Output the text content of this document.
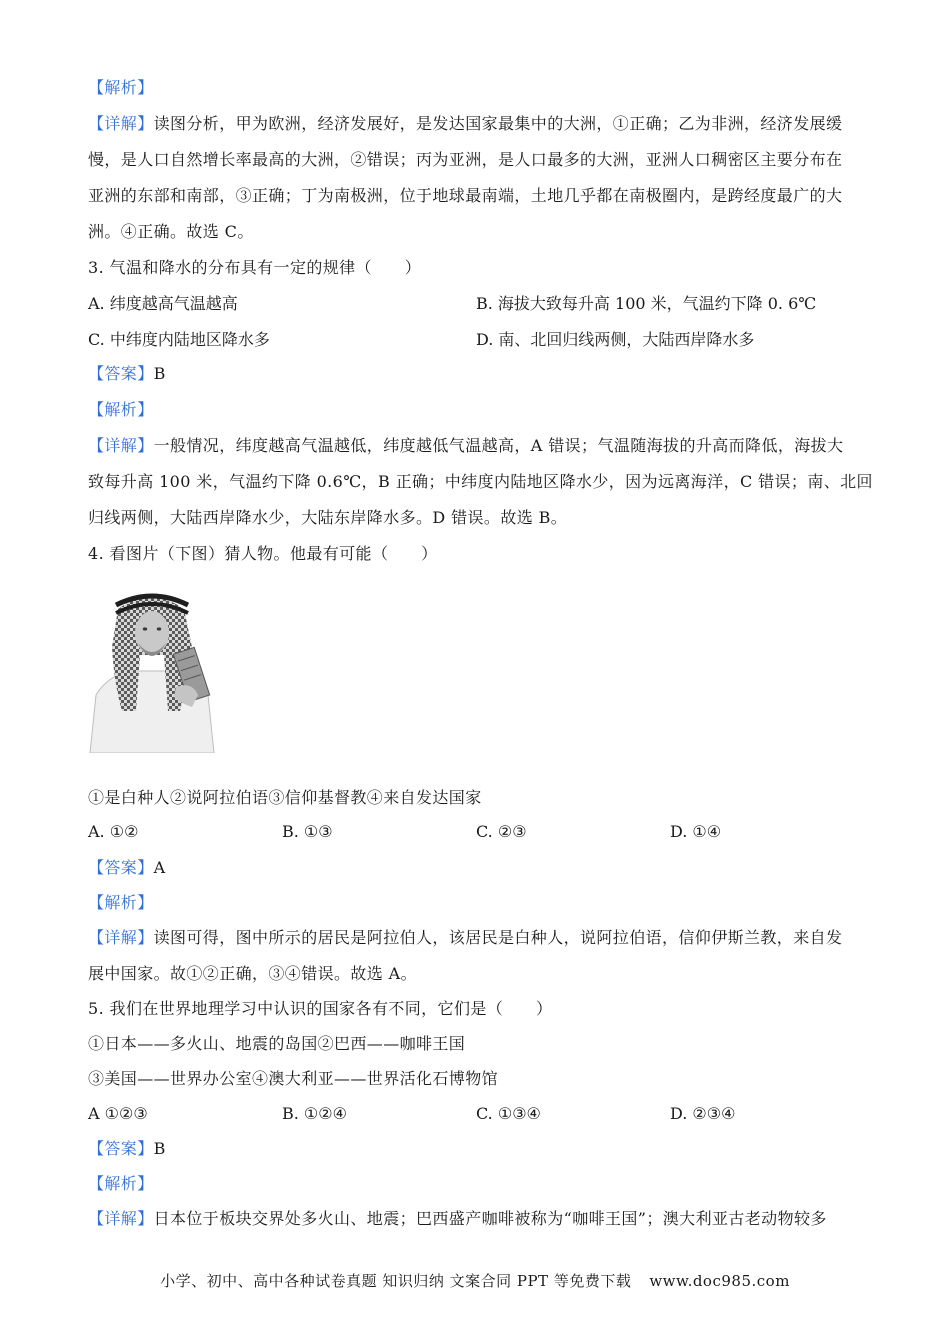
【解析】
【详解】读图分析，甲为欧洲，经济发展好，是发达国家最集中的大洲，①正确；乙为非洲，经济发展缓
慢，是人口自然增长率最高的大洲，②错误；丙为亚洲，是人口最多的大洲，亚洲人口稠密区主要分布在
亚洲的东部和南部，③正确；丁为南极洲，位于地球最南端，土地几乎都在南极圈内，是跨经度最广的大
洲。④正确。故选 C。
3. 气温和降水的分布具有一定的规律（　　）
A. 纬度越高气温越高	B. 海拔大致每升高 100 米，气温约下降 0. 6℃
C. 中纬度内陆地区降水多	D. 南、北回归线两侧，大陆西岸降水多
【答案】B
【解析】
【详解】一般情况，纬度越高气温越低，纬度越低气温越高，A 错误；气温随海拔的升高而降低，海拔大
致每升高 100 米，气温约下降 0.6℃，B 正确；中纬度内陆地区降水少，因为远离海洋，C 错误；南、北回
归线两侧，大陆西岸降水少，大陆东岸降水多。D 错误。故选 B。
4. 看图片（下图）猜人物。他最有可能（　　）
①是白种人②说阿拉伯语③信仰基督教④来自发达国家
A. ①②	B. ①③	C. ②③	D. ①④
【答案】A
【解析】
【详解】读图可得，图中所示的居民是阿拉伯人，该居民是白种人，说阿拉伯语，信仰伊斯兰教，来自发
展中国家。故①②正确，③④错误。故选 A。
5. 我们在世界地理学习中认识的国家各有不同，它们是（　　）
①日本——多火山、地震的岛国②巴西——咖啡王国
③美国——世界办公室④澳大利亚——世界活化石博物馆
A ①②③	B. ①②④	C. ①③④	D. ②③④
【答案】B
【解析】
【详解】日本位于板块交界处多火山、地震；巴西盛产咖啡被称为“咖啡王国”；澳大利亚古老动物较多
小学、初中、高中各种试卷真题 知识归纳 文案合同 PPT 等免费下载 www.doc985.com
